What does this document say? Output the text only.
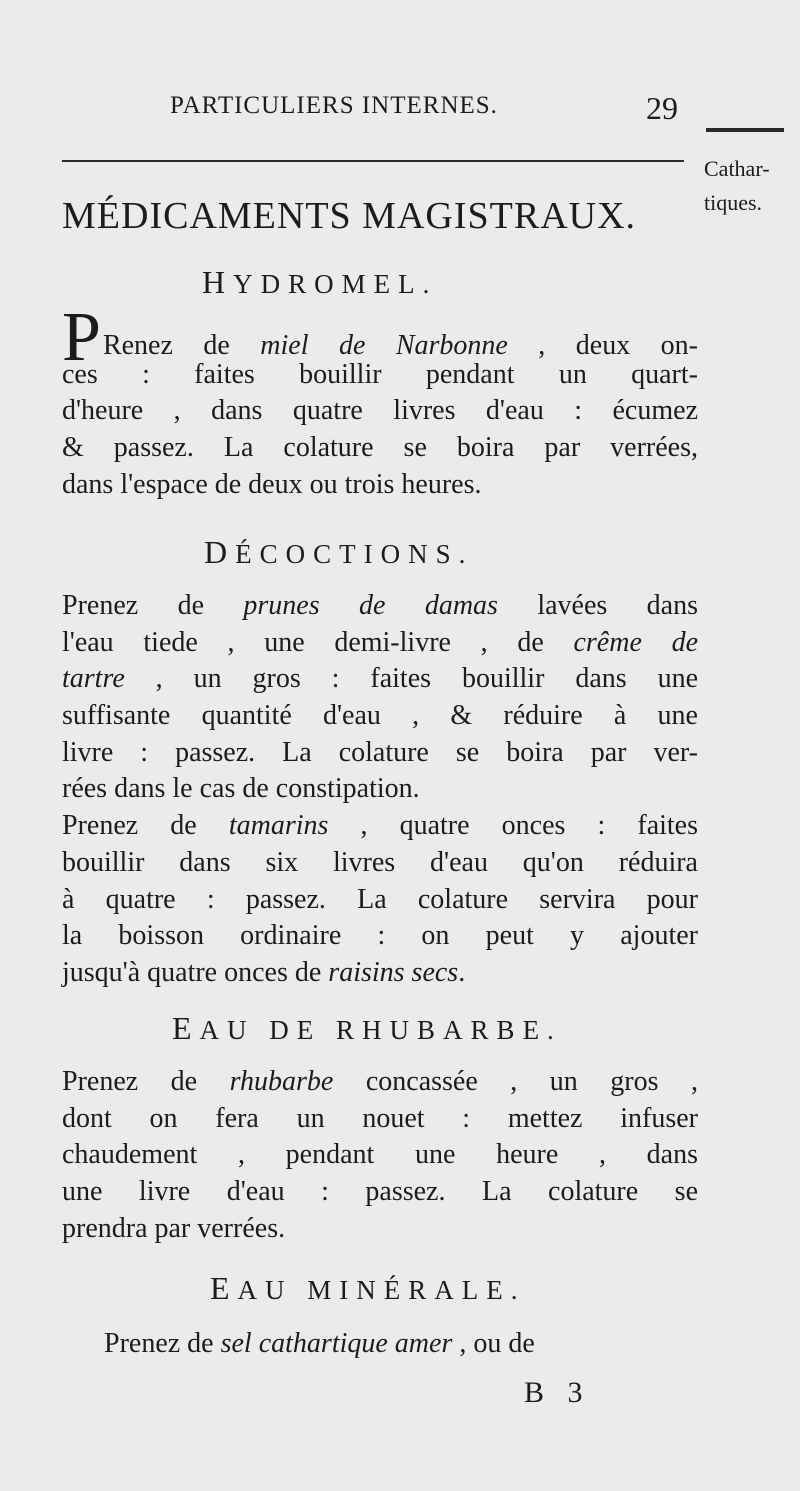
PARTICULIERS INTERNES.	29
Cathar-
tiques.
MÉDICAMENTS MAGISTRAUX.
HYDROMEL.
PRenez de miel de Narbonne , deux on-
ces : faites bouillir pendant un quart-
d'heure , dans quatre livres d'eau : écumez
& passez. La colature se boira par verrées,
dans l'espace de deux ou trois heures.
DÉCOCTIONS.
Prenez de prunes de damas lavées dans
l'eau tiede , une demi-livre , de crême de
tartre , un gros : faites bouillir dans une
suffisante quantité d'eau , & réduire à une
livre : passez. La colature se boira par ver-
rées dans le cas de constipation.
Prenez de tamarins , quatre onces : faites
bouillir dans six livres d'eau qu'on réduira
à quatre : passez. La colature servira pour
la boisson ordinaire : on peut y ajouter
jusqu'à quatre onces de raisins secs.
EAU DE RHUBARBE.
Prenez de rhubarbe concassée , un gros ,
dont on fera un nouet : mettez infuser
chaudement , pendant une heure , dans
une livre d'eau : passez. La colature se
prendra par verrées.
EAU MINÉRALE.
Prenez de sel cathartique amer , ou de
B 3
